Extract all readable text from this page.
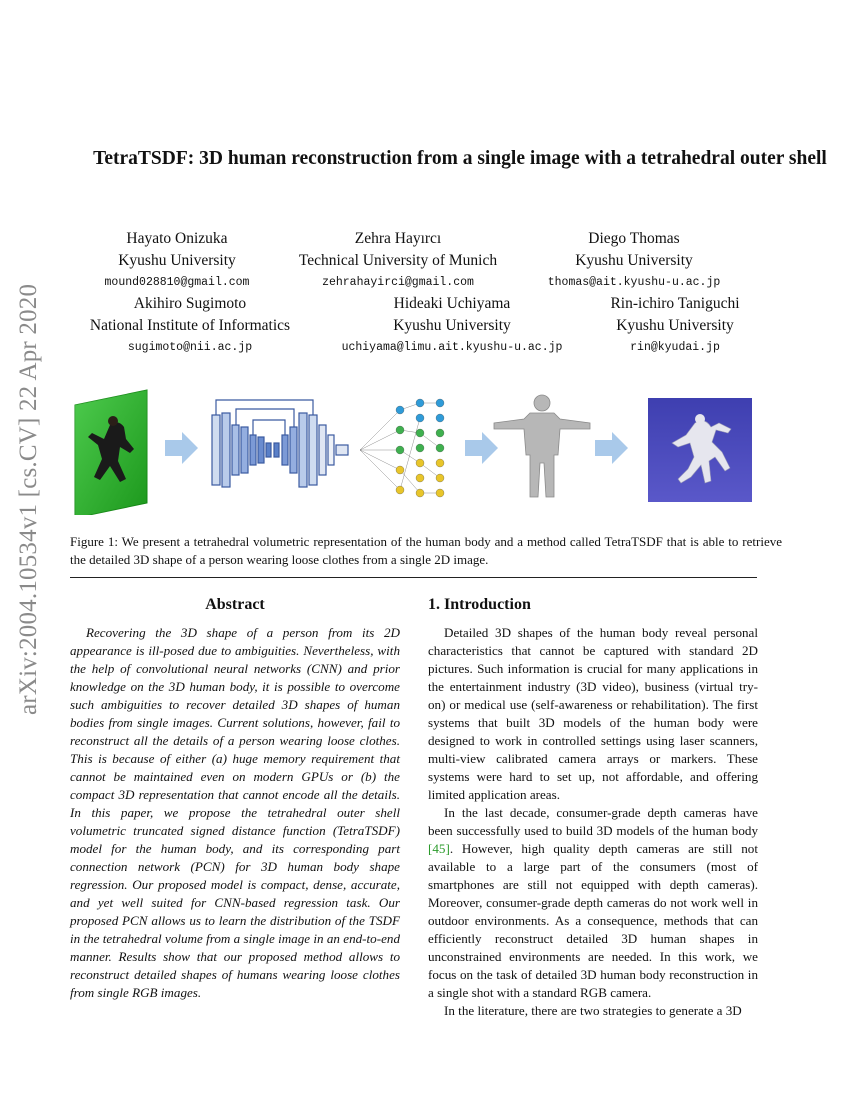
arXiv:2004.10534v1 [cs.CV] 22 Apr 2020
TetraTSDF: 3D human reconstruction from a single image with a tetrahedral outer shell
Hayato Onizuka
Kyushu University
mound028810@gmail.com
Zehra Hayırcı
Technical University of Munich
zehrahayirci@gmail.com
Diego Thomas
Kyushu University
thomas@ait.kyushu-u.ac.jp
Akihiro Sugimoto
National Institute of Informatics
sugimoto@nii.ac.jp
Hideaki Uchiyama
Kyushu University
uchiyama@limu.ait.kyushu-u.ac.jp
Rin-ichiro Taniguchi
Kyushu University
rin@kyudai.jp
Figure 1: We present a tetrahedral volumetric representation of the human body and a method called TetraTSDF that is able to retrieve the detailed 3D shape of a person wearing loose clothes from a single 2D image.
Abstract

Recovering the 3D shape of a person from its 2D appearance is ill-posed due to ambiguities. Nevertheless, with the help of convolutional neural networks (CNN) and prior knowledge on the 3D human body, it is possible to overcome such ambiguities to recover detailed 3D shapes of human bodies from single images. Current solutions, however, fail to reconstruct all the details of a person wearing loose clothes. This is because of either (a) huge memory requirement that cannot be maintained even on modern GPUs or (b) the compact 3D representation that cannot encode all the details. In this paper, we propose the tetrahedral outer shell volumetric truncated signed distance function (TetraTSDF) model for the human body, and its corresponding part connection network (PCN) for 3D human body shape regression. Our proposed model is compact, dense, accurate, and yet well suited for CNN-based regression task. Our proposed PCN allows us to learn the distribution of the TSDF in the tetrahedral volume from a single image in an end-to-end manner. Results show that our proposed method allows to reconstruct detailed shapes of humans wearing loose clothes from single RGB images.

1. Introduction

Detailed 3D shapes of the human body reveal personal characteristics that cannot be captured with standard 2D pictures. Such information is crucial for many applications in the entertainment industry (3D video), business (virtual try-on) or medical use (self-awareness or rehabilitation). The first systems that built 3D models of the human body were designed to work in controlled settings using laser scanners, multi-view calibrated camera arrays or markers. These systems were hard to set up, not affordable, and offering limited application areas.

In the last decade, consumer-grade depth cameras have been successfully used to build 3D models of the human body [45]. However, high quality depth cameras are still not available to a large part of the consumers (most of smartphones are still not equipped with depth cameras). Moreover, consumer-grade depth cameras do not work well in outdoor environments. As a consequence, methods that can efficiently reconstruct detailed 3D human shapes in unconstrained environments are needed. In this work, we focus on the task of detailed 3D human body reconstruction in a single shot with a standard RGB camera.

In the literature, there are two strategies to generate a 3D
